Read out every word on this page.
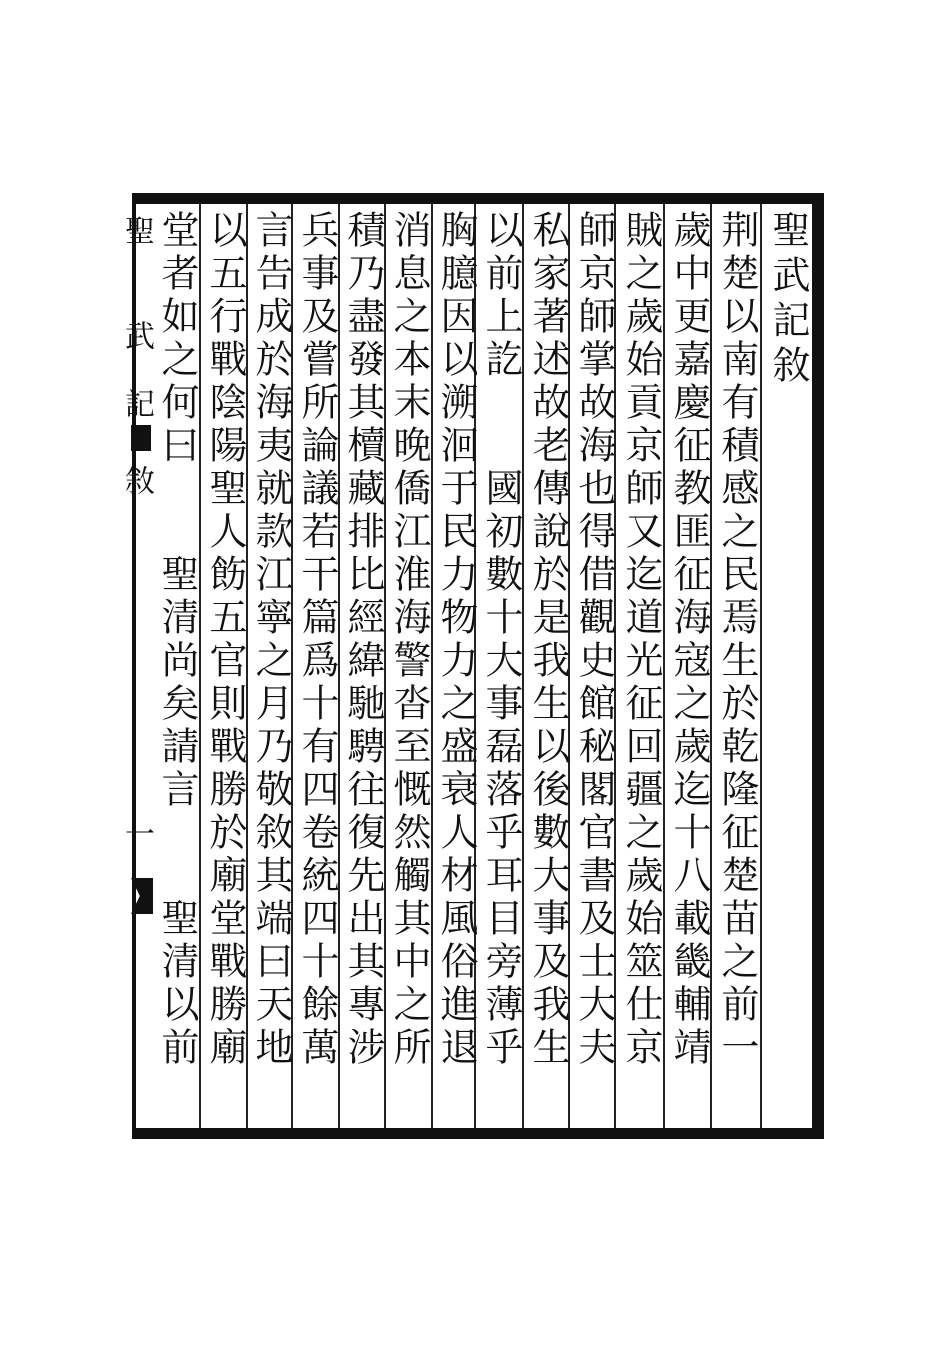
聖
武
記
敘
一
聖武記敘
荆楚以南有積感之民焉生於乾隆征楚苗之前一
歲中更嘉慶征教匪征海寇之歲迄十八載畿輔靖
賊之歲始貢京師又迄道光征回疆之歲始筮仕京
師京師掌故海也得借觀史館秘閣官書及士大夫
私家著述故老傳說於是我生以後數大事及我生
以前上訖　　國初數十大事磊落乎耳目旁薄乎
胸臆因以溯洄于民力物力之盛衰人材風俗進退
消息之本末晚僑江淮海警沓至慨然觸其中之所
積乃盡發其櫝藏排比經緯馳騁往復先出其專涉
兵事及嘗所論議若干篇爲十有四卷統四十餘萬
言告成於海夷就款江寧之月乃敬敘其端曰天地
以五行戰陰陽聖人飭五官則戰勝於廟堂戰勝廟
堂者如之何曰　　聖清尚矣請言　　聖清以前
